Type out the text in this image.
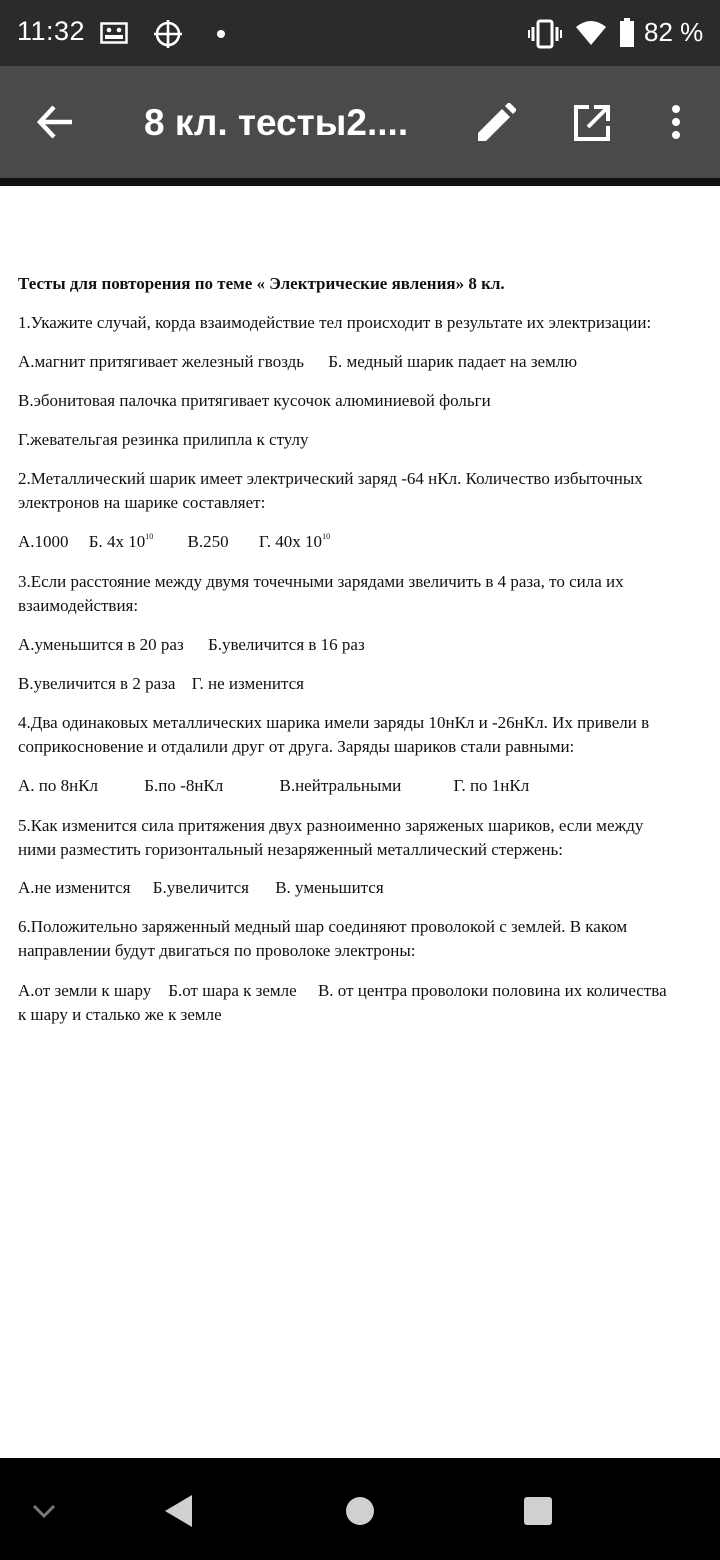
11:32	82 %
8 кл. тесты2....
Тесты для повторения по теме « Электрические явления» 8 кл.
1.Укажите случай, корда взаимодействие тел происходит в результате их электризации:
А.магнит притягивает железный гвоздь Б. медный шарик падает на землю
В.эбонитовая палочка притягивает кусочок алюминиевой фольги
Г.жевательгая резинка прилипла к стулу
2.Металлический шарик имеет электрический заряд -64 нКл. Количество избыточных
электронов на шарике составляет:
А.1000 Б. 4х $10^{10}$ В.250 Г. 40х $10^{10}$
3.Если расстояние между двумя точечными зарядами звеличить в 4 раза, то сила их
взаимодействия:
А.уменьшится в 20 раз Б.увеличится в 16 раз
В.увеличится в 2 раза Г. не изменится
4.Два одинаковых металлических шарика имели заряды 10нКл и -26нКл. Их привели в
соприкосновение и отдалили друг от друга. Заряды шариков стали равными:
А. по 8нКл	Б.по -8нКл	В.нейтральными	Г. по 1нКл
5.Как изменится сила притяжения двух разноименно заряженых шариков, если между
ними разместить горизонтальный незаряженный металлический стержень:
А.не изменится Б.увеличится В. уменьшится
6.Положительно заряженный медный шар соединяют проволокой с землей. В каком
направлении будут двигаться по проволоке электроны:
А.от земли к шару    Б.от шара к земле     В. от центра проволоки половина их количества
к шару и сталько же к земле
